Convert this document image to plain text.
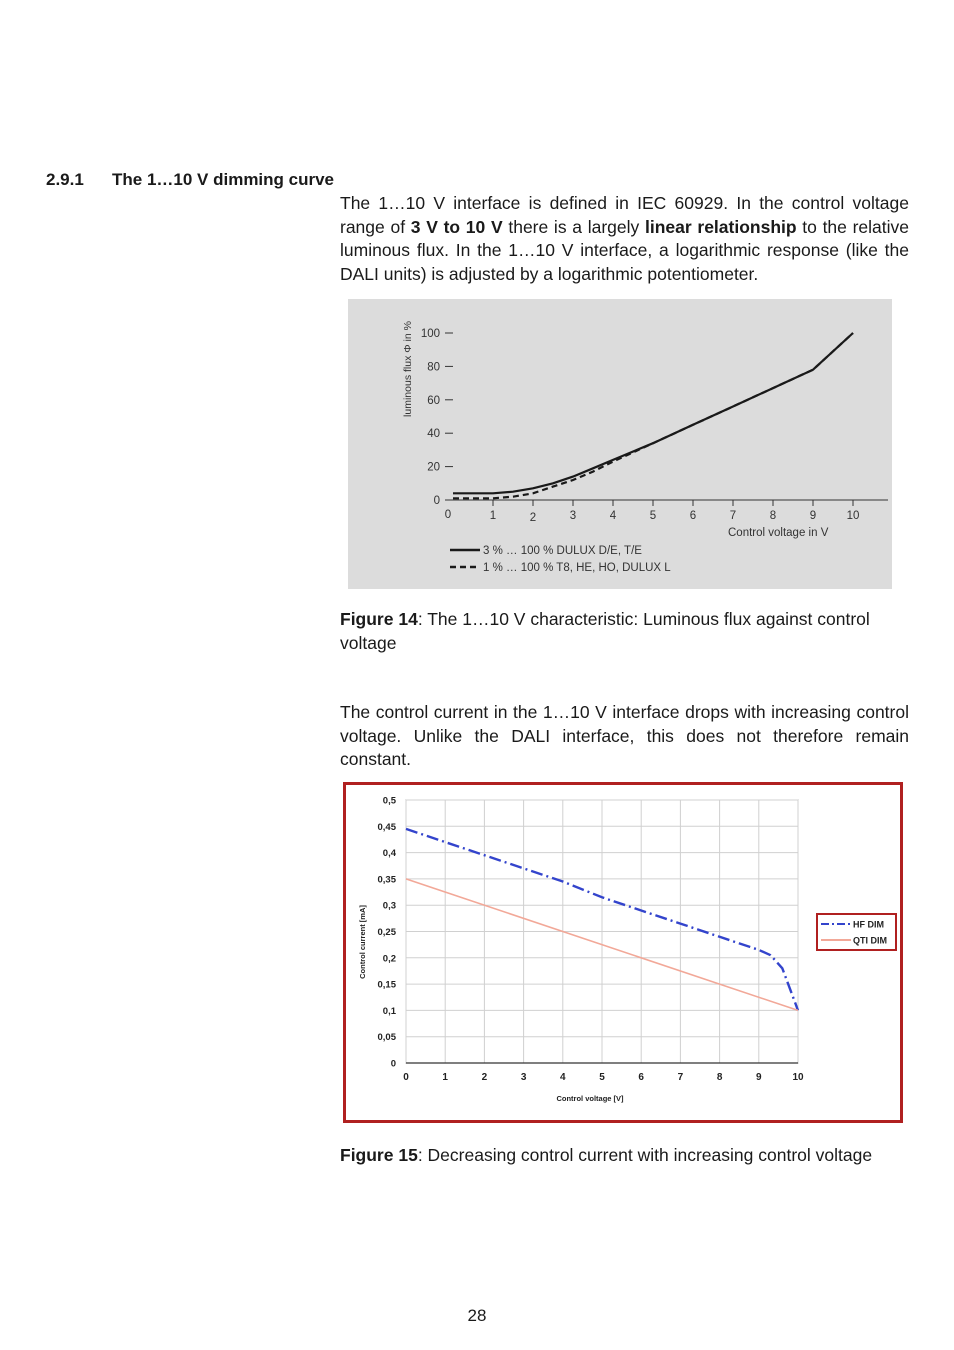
2.9.1 The 1…10 V dimming curve
The 1…10 V interface is defined in IEC 60929. In the control voltage range of 3 V to 10 V there is a largely linear relationship to the relative luminous flux. In the 1…10 V interface, a logarithmic response (like the DALI units) is adjusted by a logarithmic potentiometer.
0	1	2	3	4	5	6	7	8	9	10
0
20
40
60
80
100
Control voltage in V
luminous flux Φ in %
3 % … 100 % DULUX D/E, T/E
1 % … 100 % T8, HE, HO, DULUX L
Figure 14: The 1…10 V characteristic: Luminous flux against control voltage
The control current in the 1…10 V interface drops with increasing control voltage. Unlike the DALI interface, this does not therefore remain constant.
0	1	2	3	4	5	6	7	8	9	10
0
0,05
0,1
0,15
0,2
0,25
0,3
0,35
0,4
0,45
0,5
Control voltage [V]
Control current [mA]	HF DIM
QTI DIM
Figure 15: Decreasing control current with increasing control voltage
28
